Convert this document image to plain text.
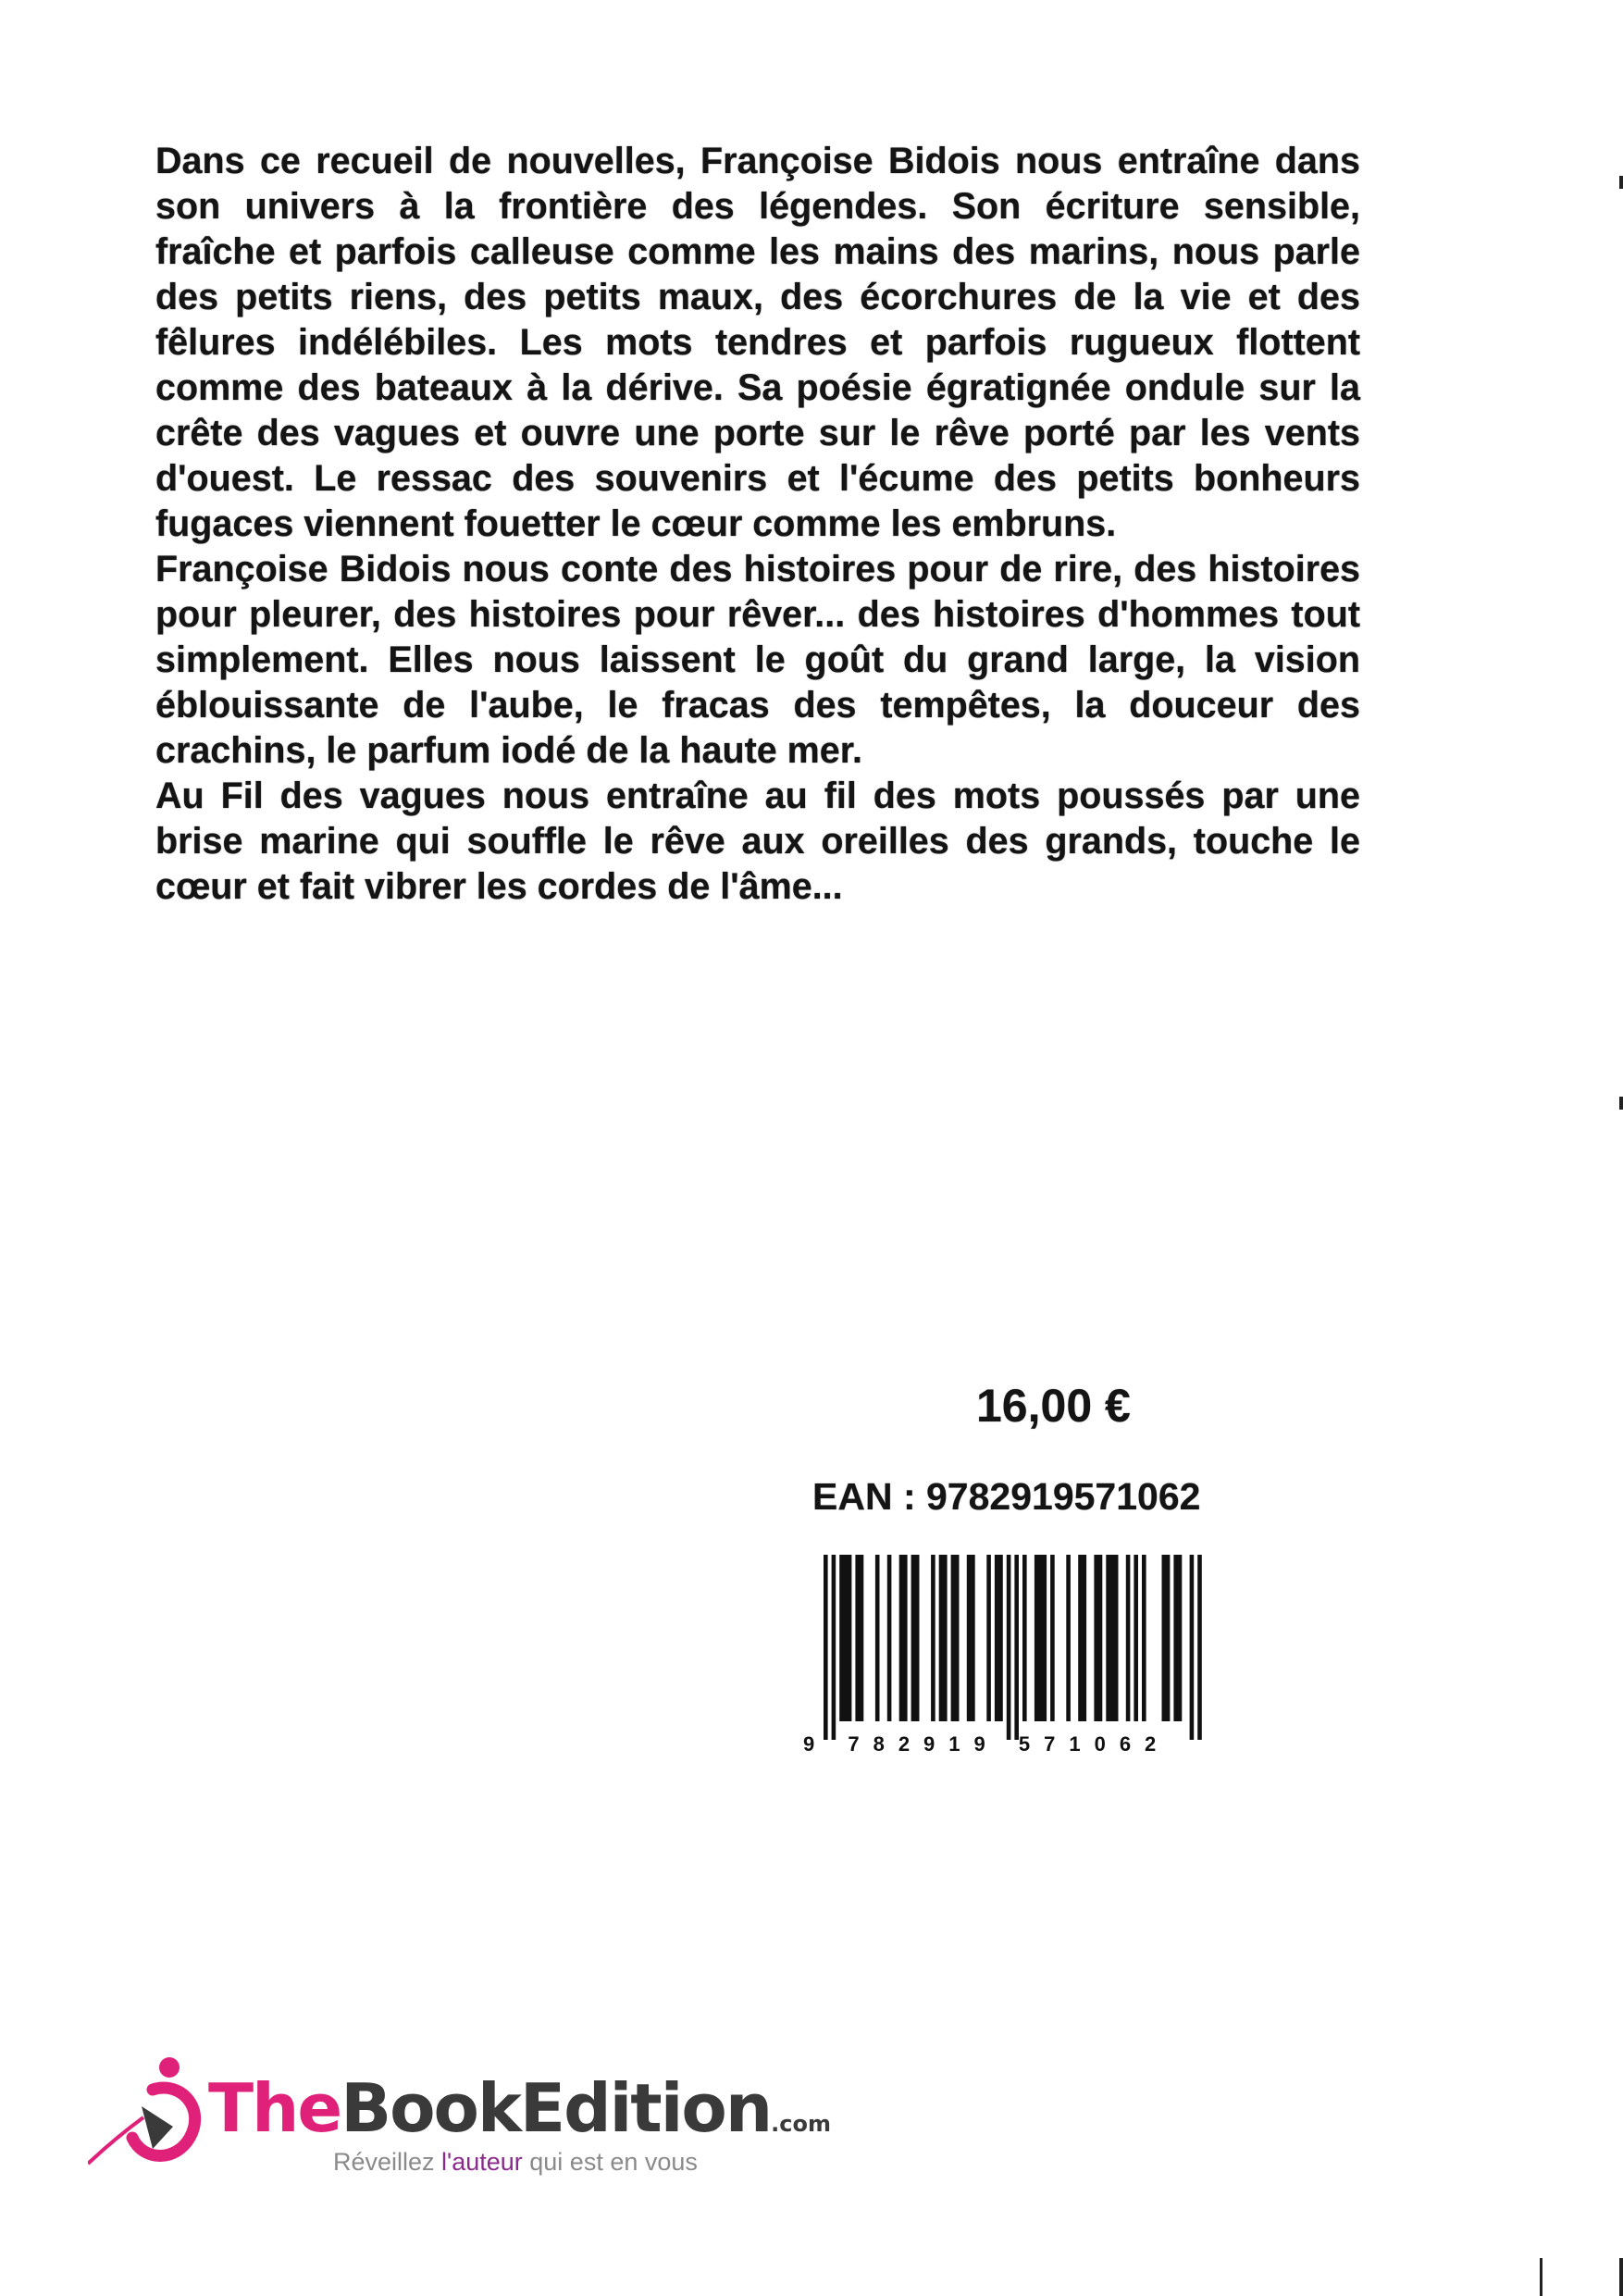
Dans ce recueil de nouvelles, Françoise Bidois nous entraîne dans son univers à la frontière des légendes. Son écriture sensible, fraîche et parfois calleuse comme les mains des marins, nous parle des petits riens, des petits maux, des écorchures de la vie et des fêlures indélébiles. Les mots tendres et parfois rugueux flottent comme des bateaux à la dérive. Sa poésie égratignée ondule sur la crête des vagues et ouvre une porte sur le rêve porté par les vents d'ouest. Le ressac des souvenirs et l'écume des petits bonheurs fugaces viennent fouetter le cœur comme les embruns.

Françoise Bidois nous conte des histoires pour de rire, des histoires pour pleurer, des histoires pour rêver... des histoires d'hommes tout simplement. Elles nous laissent le goût du grand large, la vision éblouissante de l'aube, le fracas des tempêtes, la douceur des crachins, le parfum iodé de la haute mer.

Au Fil des vagues nous entraîne au fil des mots poussés par une brise marine qui souffle le rêve aux oreilles des grands, touche le cœur et fait vibrer les cordes de l'âme...

16,00 €
EAN : 9782919571062
9 782919 571062
TheBookEdition.com
Réveillez l'auteur qui est en vous
